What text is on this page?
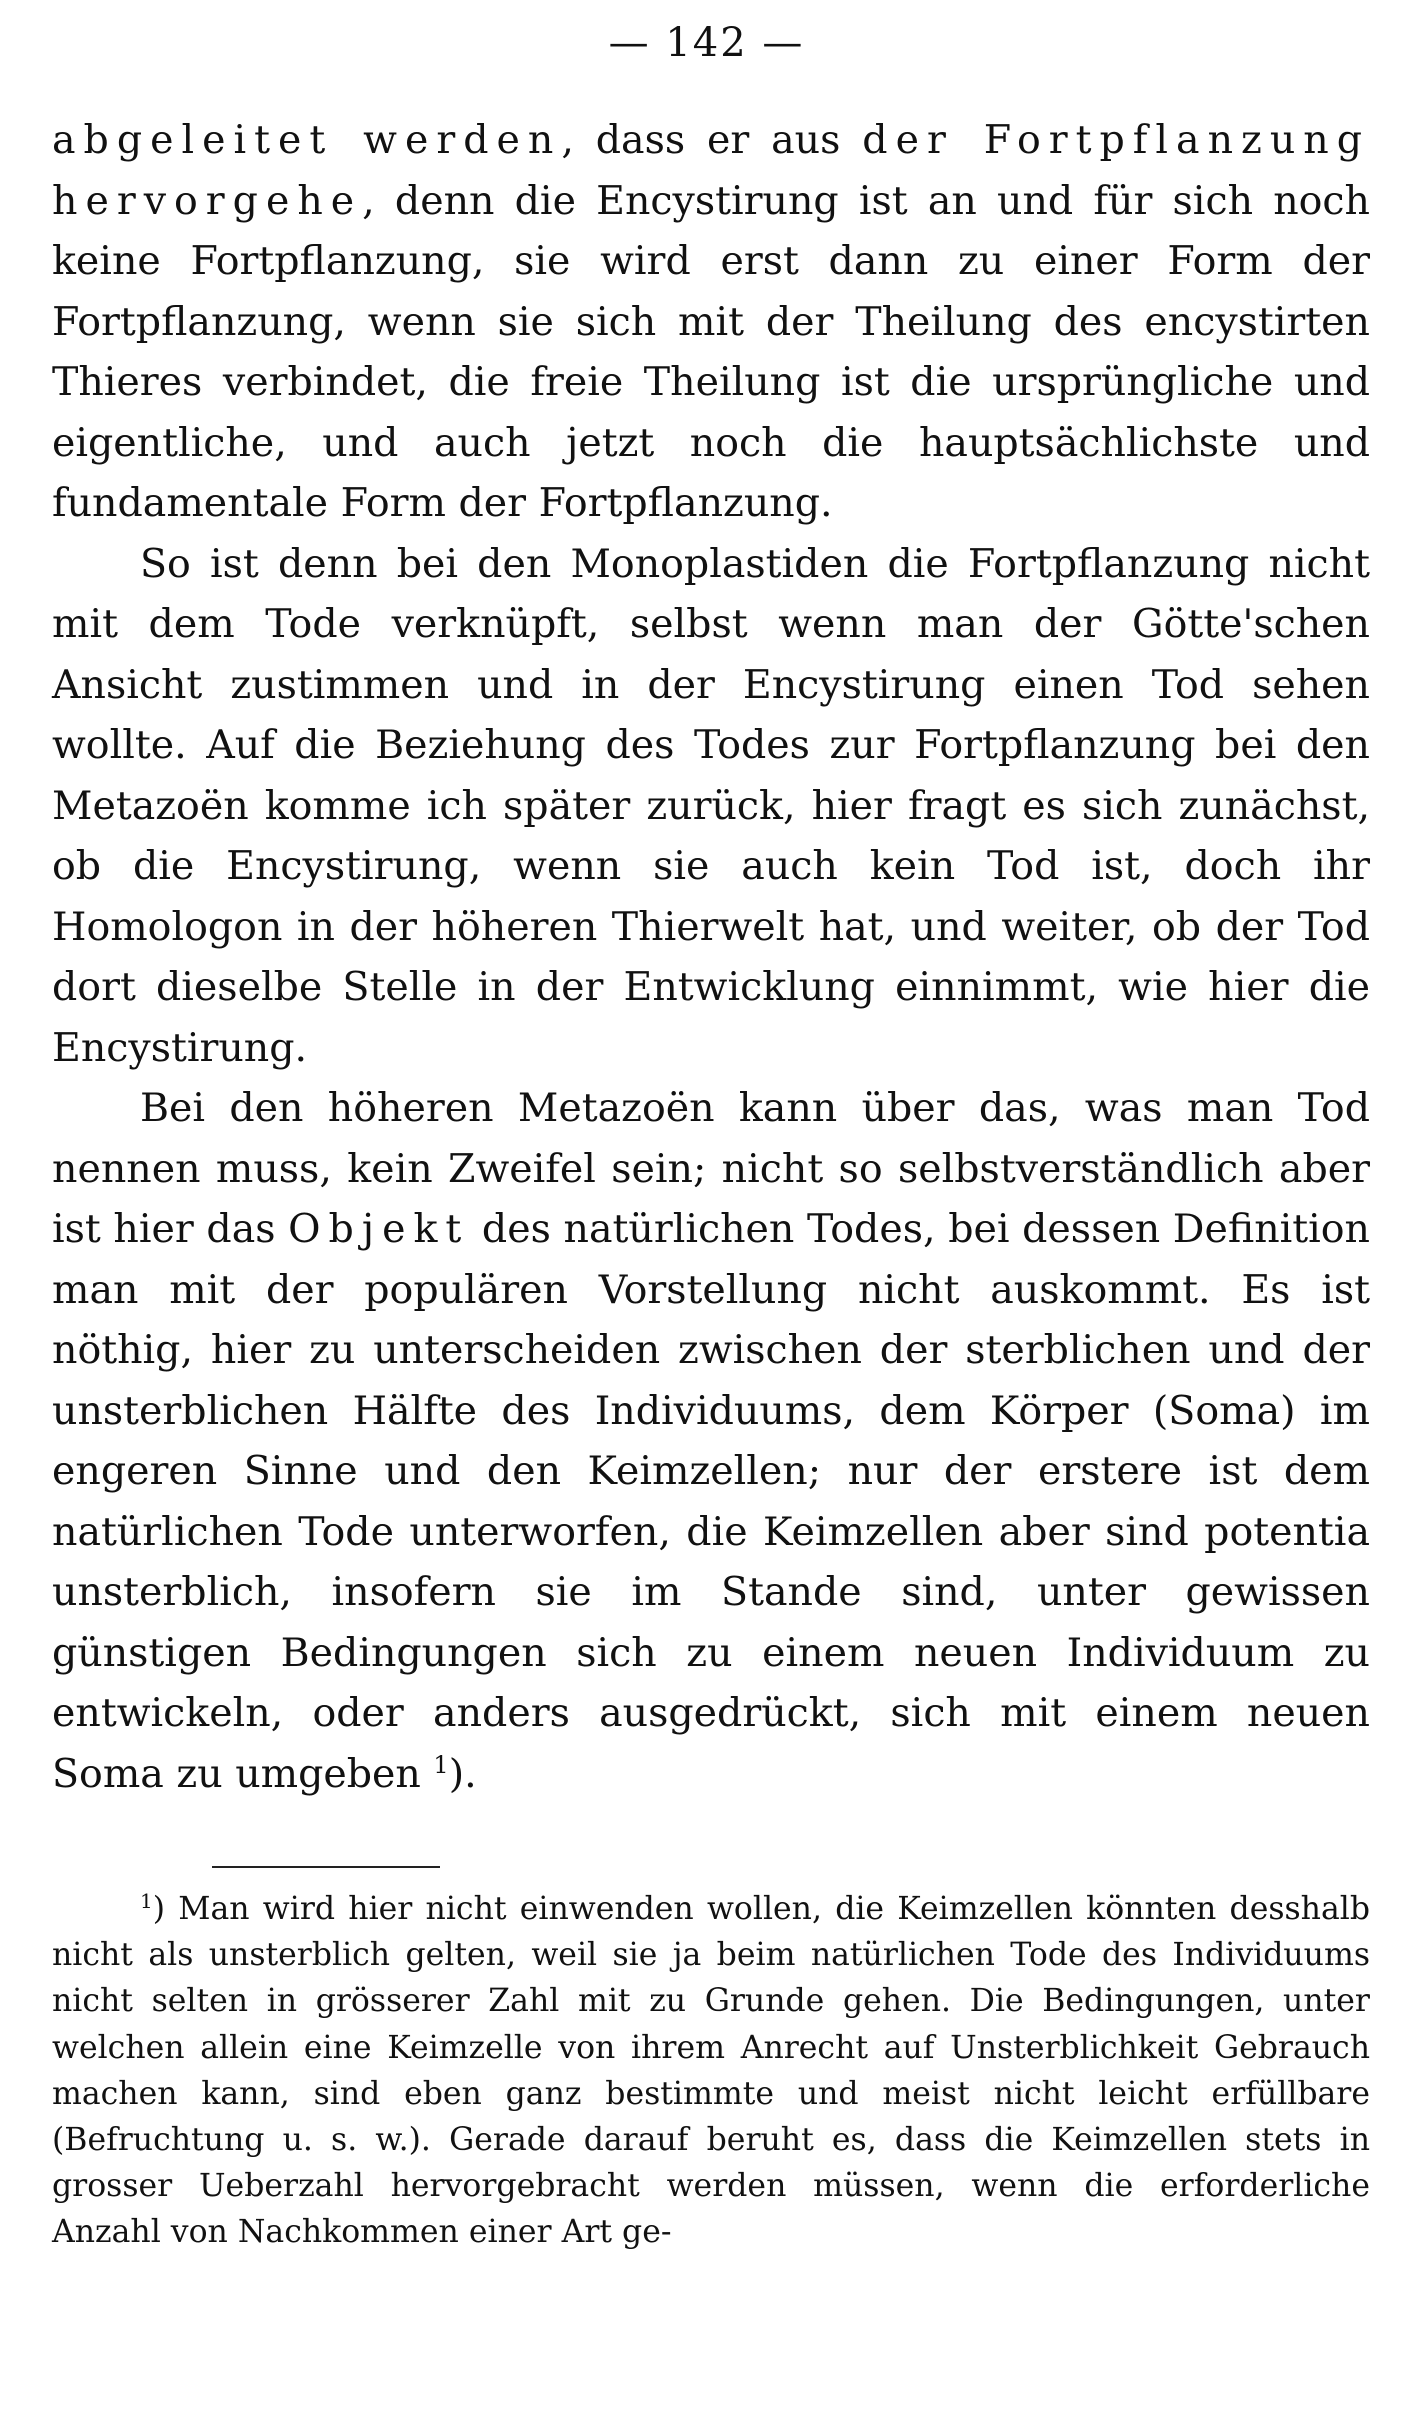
— 142 —

abgeleitet werden, dass er aus der Fortpflanzung hervorgehe, denn die Encystirung ist an und für sich noch keine Fortpflanzung, sie wird erst dann zu einer Form der Fortpflanzung, wenn sie sich mit der Theilung des encystirten Thieres verbindet, die freie Theilung ist die ursprüngliche und eigentliche, und auch jetzt noch die hauptsächlichste und fundamentale Form der Fortpflanzung.

So ist denn bei den Monoplastiden die Fortpflanzung nicht mit dem Tode verknüpft, selbst wenn man der Götte'schen Ansicht zustimmen und in der Encystirung einen Tod sehen wollte. Auf die Beziehung des Todes zur Fortpflanzung bei den Metazoën komme ich später zurück, hier fragt es sich zunächst, ob die Encystirung, wenn sie auch kein Tod ist, doch ihr Homologon in der höheren Thierwelt hat, und weiter, ob der Tod dort dieselbe Stelle in der Entwicklung einnimmt, wie hier die Encystirung.

Bei den höheren Metazoën kann über das, was man Tod nennen muss, kein Zweifel sein; nicht so selbstverständlich aber ist hier das Objekt des natürlichen Todes, bei dessen Definition man mit der populären Vorstellung nicht auskommt. Es ist nöthig, hier zu unterscheiden zwischen der sterblichen und der unsterblichen Hälfte des Individuums, dem Körper (Soma) im engeren Sinne und den Keimzellen; nur der erstere ist dem natürlichen Tode unterworfen, die Keimzellen aber sind potentia unsterblich, insofern sie im Stande sind, unter gewissen günstigen Bedingungen sich zu einem neuen Individuum zu entwickeln, oder anders ausgedrückt, sich mit einem neuen Soma zu umgeben $^1$).

$^1$) Man wird hier nicht einwenden wollen, die Keimzellen könnten desshalb nicht als unsterblich gelten, weil sie ja beim natürlichen Tode des Individuums nicht selten in grösserer Zahl mit zu Grunde gehen. Die Bedingungen, unter welchen allein eine Keimzelle von ihrem Anrecht auf Unsterblichkeit Gebrauch machen kann, sind eben ganz bestimmte und meist nicht leicht erfüllbare (Befruchtung u. s. w.). Gerade darauf beruht es, dass die Keimzellen stets in grosser Ueberzahl hervorgebracht werden müssen, wenn die erforderliche Anzahl von Nachkommen einer Art ge-
